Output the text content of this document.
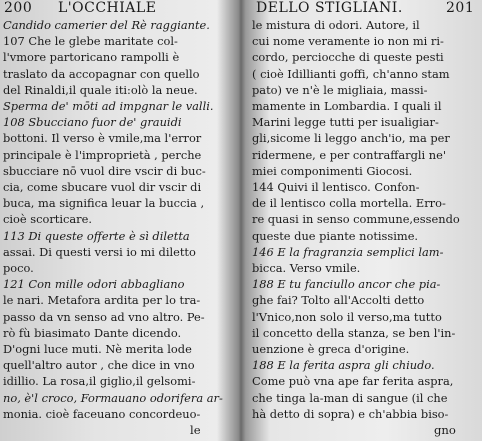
200 L'OCCHIALE
Candido camerier del Rè raggiante.
107 Che le glebe maritate col-
l'vmore partoricano rampolli è
traslato da accopagnar con quello
del Rinaldi,il quale iti:olò la neue.
Sperma de' mōti ad impgnar le valli.
108 Sbucciano fuor de' grauidi
bottoni. Il verso è vmile,ma l'error
principale è l'improprietà , perche
sbucciare nō vuol dire vscir di buc-
cia, come sbucare vuol dir vscir di
buca, ma significa leuar la buccia ,
cioè scorticare.
113 Di queste offerte è sì diletta
assai. Di questi versi io mi diletto
poco.
121 Con mille odori abbagliano
le nari. Metafora ardita per lo tra-
passo da vn senso ad vno altro. Pe-
rò fù biasimato Dante dicendo.
D'ogni luce muti. Nè merita lode
quell'altro autor , che dice in vno
idillio. La rosa,il giglio,il gelsomi-
no, è'l croco, Formauano odorifera ar-
monia. cioè faceuano concordeuo-
le
DELLO STIGLIANI.	201
le mistura di odori. Autore, il
cui nome veramente io non mi ri-
cordo, perciocche di queste pesti
( cioè Idillianti goffi, ch'anno stam
pato) ve n'è le migliaia, massi-
mamente in Lombardia. I quali il
Marini legge tutti per isualigiar-
gli,sicome li leggo anch'io, ma per
ridermene, e per contraffargli ne'
miei componimenti Giocosi.
144 Quivi il lentisco. Confon-
de il lentisco colla mortella. Erro-
re quasi in senso commune,essendo
queste due piante notissime.
146 E la fragranzia semplici lam-
bicca. Verso vmile.
188 E tu fanciullo ancor che pia-
ghe fai? Tolto all'Accolti detto
l'Vnico,non solo il verso,ma tutto
il concetto della stanza, se ben l'in-
uenzione è greca d'origine.
188 E la ferita aspra gli chiudo.
Come può vna ape far ferita aspra,
che tinga la-man di sangue (il che
hà detto di sopra) e ch'abbia biso-
gno
